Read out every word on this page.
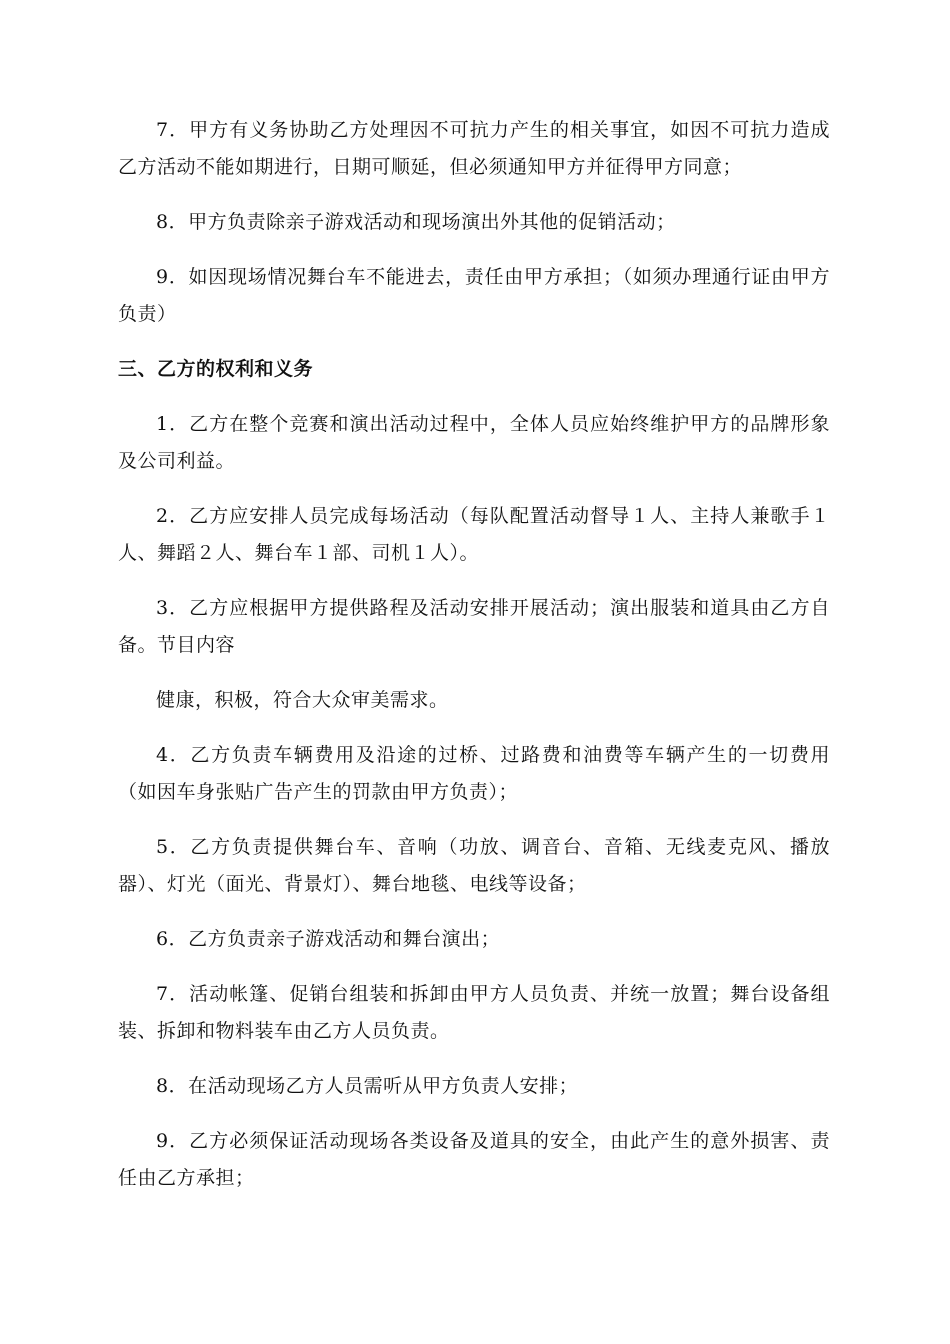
7．甲方有义务协助乙方处理因不可抗力产生的相关事宜，如因不可抗力造成乙方活动不能如期进行，日期可顺延，但必须通知甲方并征得甲方同意；

8．甲方负责除亲子游戏活动和现场演出外其他的促销活动；

9．如因现场情况舞台车不能进去，责任由甲方承担；（如须办理通行证由甲方负责）

三、乙方的权利和义务

1．乙方在整个竞赛和演出活动过程中，全体人员应始终维护甲方的品牌形象及公司利益。

2．乙方应安排人员完成每场活动（每队配置活动督导１人、主持人兼歌手１人、舞蹈２人、舞台车１部、司机１人）。

3．乙方应根据甲方提供路程及活动安排开展活动；演出服装和道具由乙方自备。节目内容

健康，积极，符合大众审美需求。

4．乙方负责车辆费用及沿途的过桥、过路费和油费等车辆产生的一切费用（如因车身张贴广告产生的罚款由甲方负责）；

5．乙方负责提供舞台车、音响（功放、调音台、音箱、无线麦克风、播放器）、灯光（面光、背景灯）、舞台地毯、电线等设备；

6．乙方负责亲子游戏活动和舞台演出；

7．活动帐篷、促销台组装和拆卸由甲方人员负责、并统一放置；舞台设备组装、拆卸和物料装车由乙方人员负责。

8．在活动现场乙方人员需听从甲方负责人安排；

9．乙方必须保证活动现场各类设备及道具的安全，由此产生的意外损害、责任由乙方承担；
